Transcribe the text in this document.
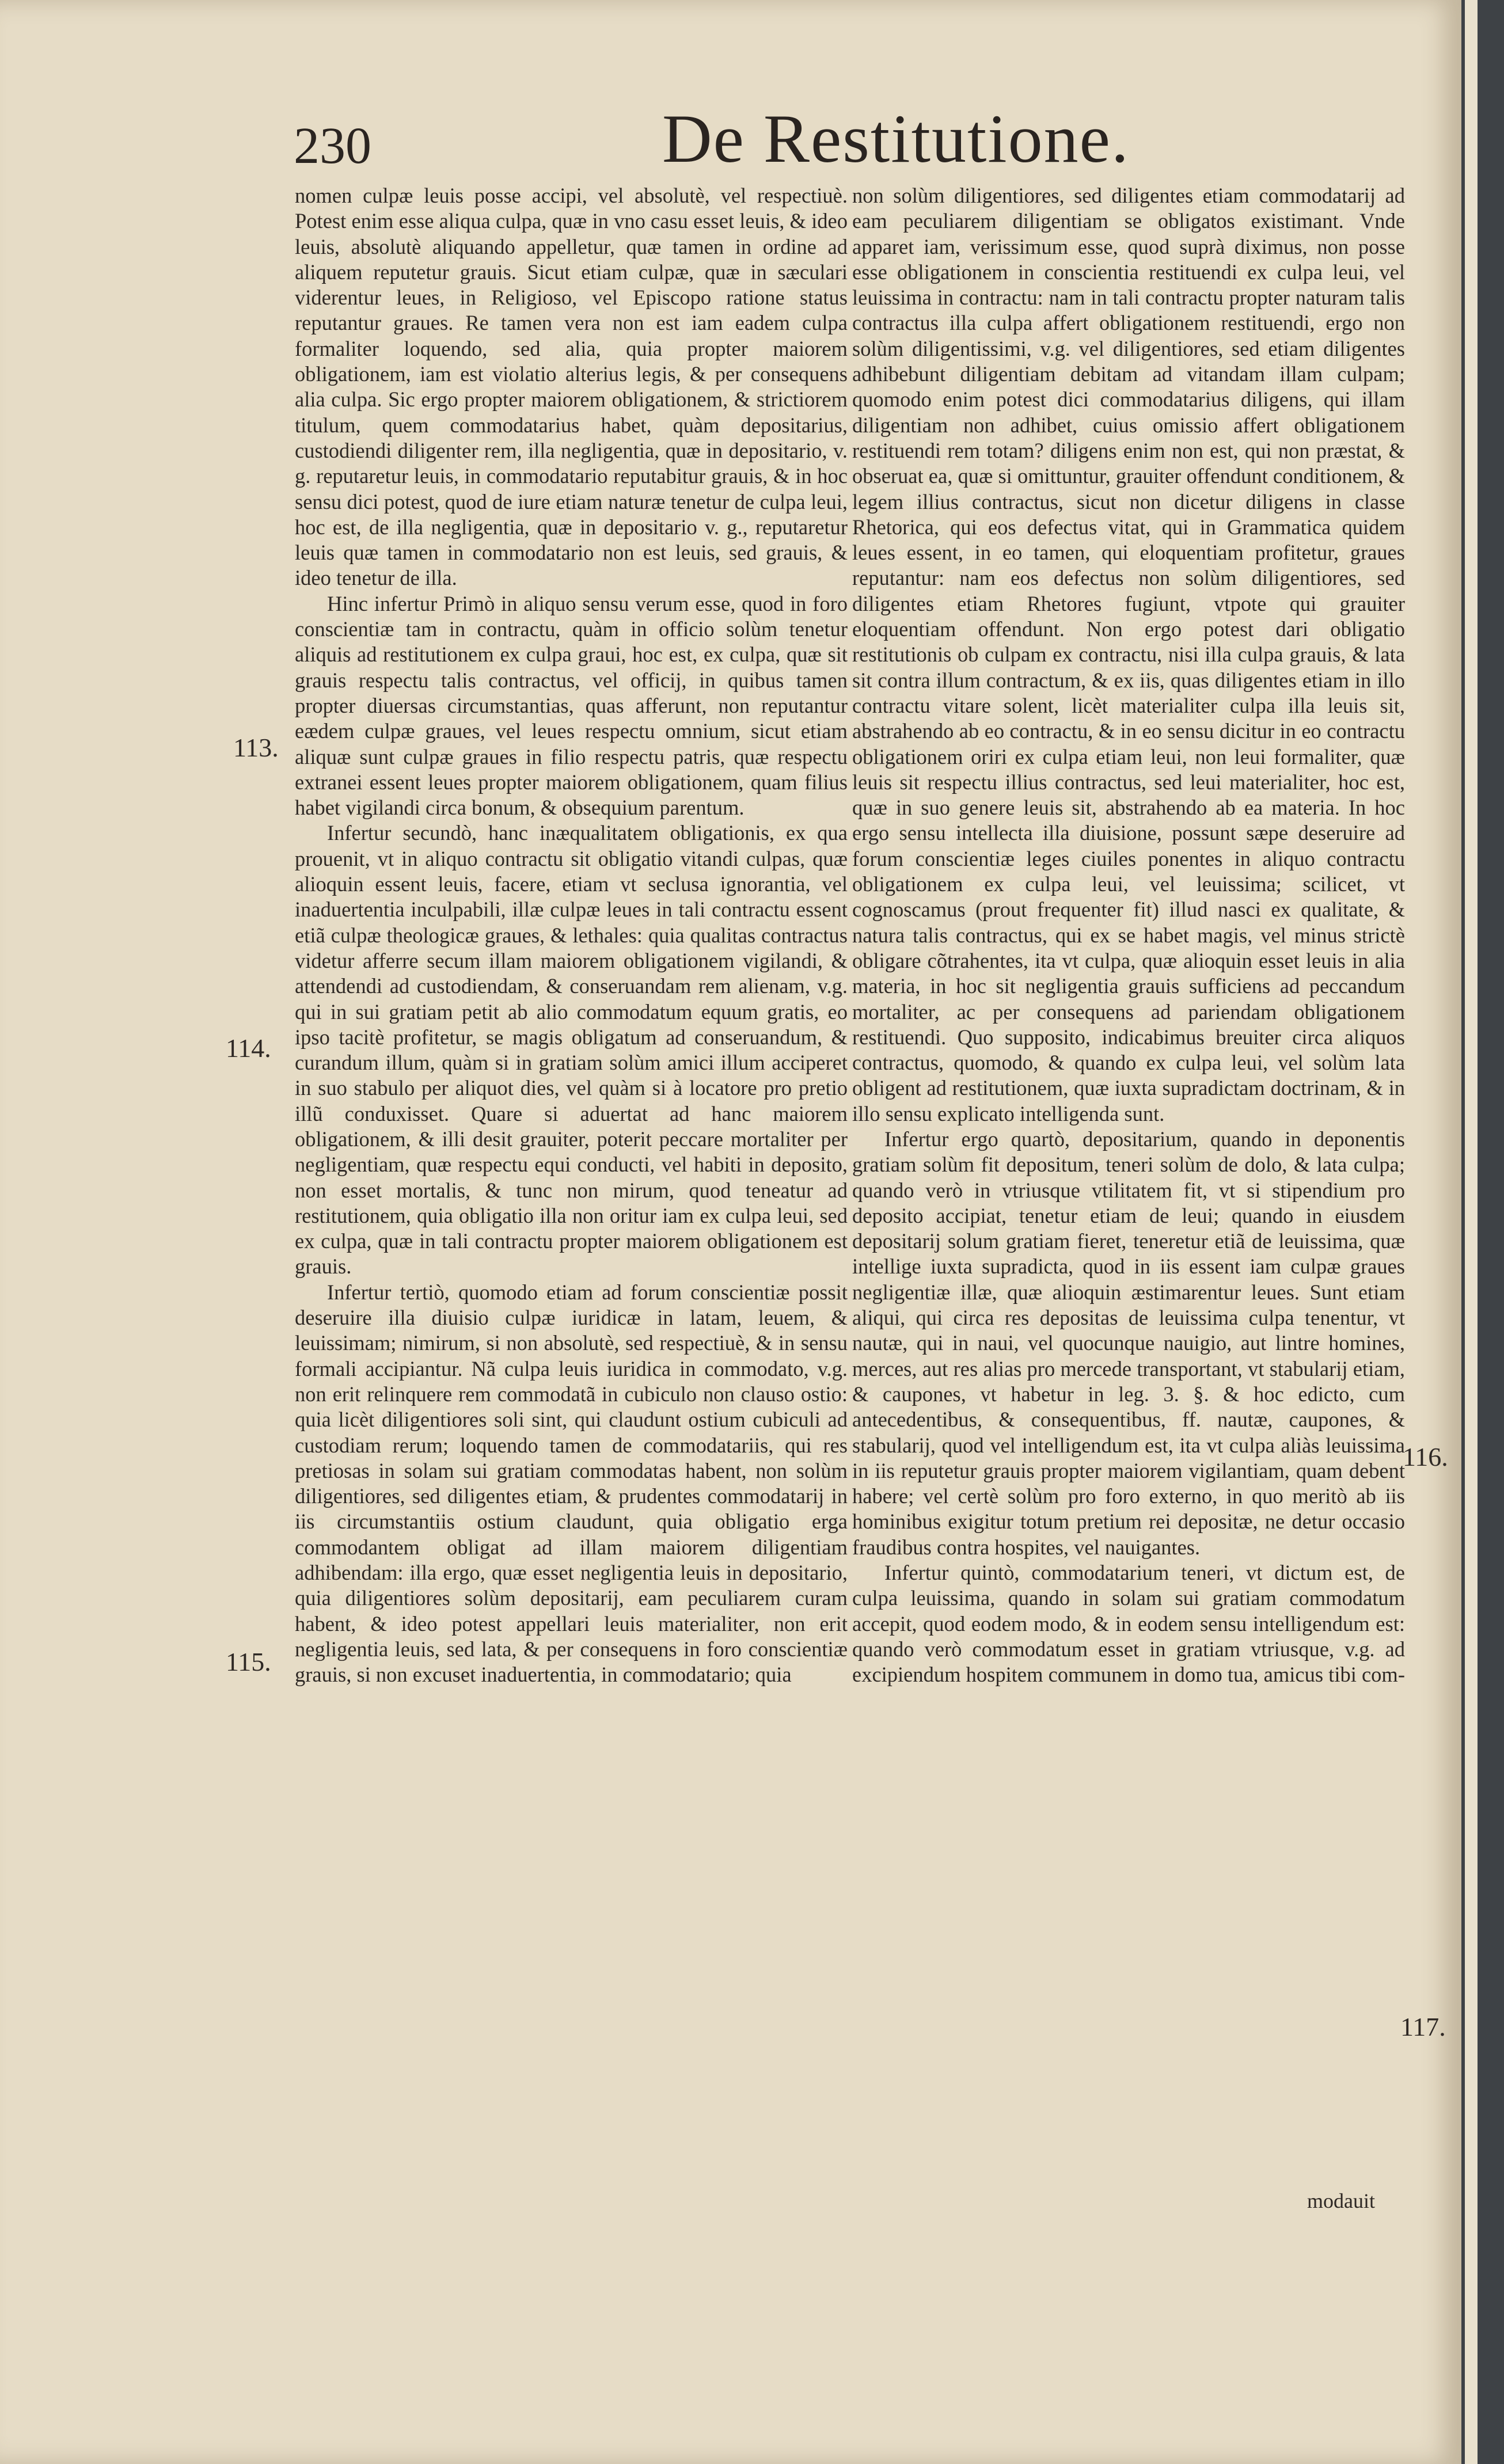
230	De Restitutione.

nomen culpæ leuis posse accipi, vel absolutè, vel respectiuè. Potest enim esse aliqua culpa, quæ in vno casu esset leuis, & ideo leuis, absolutè aliquando appelletur, quæ tamen in ordine ad aliquem reputetur grauis. Sicut etiam culpæ, quæ in sæculari viderentur leues, in Religioso, vel Episcopo ratione status reputantur graues. Re tamen vera non est iam eadem culpa formaliter loquendo, sed alia, quia propter maiorem obligationem, iam est violatio alterius legis, & per consequens alia culpa. Sic ergo propter maiorem obligationem, & strictiorem titulum, quem commodatarius habet, quàm depositarius, custodiendi diligenter rem, illa negligentia, quæ in depositario, v. g. reputaretur leuis, in commodatario reputabitur grauis, & in hoc sensu dici potest, quod de iure etiam naturæ tenetur de culpa leui, hoc est, de illa negligentia, quæ in depositario v. g., reputaretur leuis quæ tamen in commodatario non est leuis, sed grauis, & ideo tenetur de illa.

Hinc infertur Primò in aliquo sensu verum esse, quod in foro conscientiæ tam in contractu, quàm in officio solùm tenetur aliquis ad restitutionem ex culpa graui, hoc est, ex culpa, quæ sit grauis respectu talis contractus, vel officij, in quibus tamen propter diuersas circumstantias, quas afferunt, non reputantur eædem culpæ graues, vel leues respectu omnium, sicut etiam aliquæ sunt culpæ graues in filio respectu patris, quæ respectu extranei essent leues propter maiorem obligationem, quam filius habet vigilandi circa bonum, & obsequium parentum.

Infertur secundò, hanc inæqualitatem obligationis, ex qua prouenit, vt in aliquo contractu sit obligatio vitandi culpas, quæ alioquin essent leuis, facere, etiam vt seclusa ignorantia, vel inaduertentia inculpabili, illæ culpæ leues in tali contractu essent etiã culpæ theologicæ graues, & lethales: quia qualitas contractus videtur afferre secum illam maiorem obligationem vigilandi, & attendendi ad custodiendam, & conseruandam rem alienam, v.g. qui in sui gratiam petit ab alio commodatum equum gratis, eo ipso tacitè profitetur, se magis obligatum ad conseruandum, & curandum illum, quàm si in gratiam solùm amici illum acciperet in suo stabulo per aliquot dies, vel quàm si à locatore pro pretio illũ conduxisset. Quare si aduertat ad hanc maiorem obligationem, & illi desit grauiter, poterit peccare mortaliter per negligentiam, quæ respectu equi conducti, vel habiti in deposito, non esset mortalis, & tunc non mirum, quod teneatur ad restitutionem, quia obligatio illa non oritur iam ex culpa leui, sed ex culpa, quæ in tali contractu propter maiorem obligationem est grauis.

Infertur tertiò, quomodo etiam ad forum conscientiæ possit deseruire illa diuisio culpæ iuridicæ in latam, leuem, & leuissimam; nimirum, si non absolutè, sed respectiuè, & in sensu formali accipiantur. Nã culpa leuis iuridica in commodato, v.g. non erit relinquere rem commodatã in cubiculo non clauso ostio: quia licèt diligentiores soli sint, qui claudunt ostium cubiculi ad custodiam rerum; loquendo tamen de commodatariis, qui res pretiosas in solam sui gratiam commodatas habent, non solùm diligentiores, sed diligentes etiam, & prudentes commodatarij in iis circumstantiis ostium claudunt, quia obligatio erga commodantem obligat ad illam maiorem diligentiam adhibendam: illa ergo, quæ esset negligentia leuis in depositario, quia diligentiores solùm depositarij, eam peculiarem curam habent, & ideo potest appellari leuis materialiter, non erit negligentia leuis, sed lata, & per consequens in foro conscientiæ grauis, si non excuset inaduertentia, in commodatario; quia

non solùm diligentiores, sed diligentes etiam commodatarij ad eam peculiarem diligentiam se obligatos existimant. Vnde apparet iam, verissimum esse, quod suprà diximus, non posse esse obligationem in conscientia restituendi ex culpa leui, vel leuissima in contractu: nam in tali contractu propter naturam talis contractus illa culpa affert obligationem restituendi, ergo non solùm diligentissimi, v.g. vel diligentiores, sed etiam diligentes adhibebunt diligentiam debitam ad vitandam illam culpam; quomodo enim potest dici commodatarius diligens, qui illam diligentiam non adhibet, cuius omissio affert obligationem restituendi rem totam? diligens enim non est, qui non præstat, & obseruat ea, quæ si omittuntur, grauiter offendunt conditionem, & legem illius contractus, sicut non dicetur diligens in classe Rhetorica, qui eos defectus vitat, qui in Grammatica quidem leues essent, in eo tamen, qui eloquentiam profitetur, graues reputantur: nam eos defectus non solùm diligentiores, sed diligentes etiam Rhetores fugiunt, vtpote qui grauiter eloquentiam offendunt. Non ergo potest dari obligatio restitutionis ob culpam ex contractu, nisi illa culpa grauis, & lata sit contra illum contractum, & ex iis, quas diligentes etiam in illo contractu vitare solent, licèt materialiter culpa illa leuis sit, abstrahendo ab eo contractu, & in eo sensu dicitur in eo contractu obligationem oriri ex culpa etiam leui, non leui formaliter, quæ leuis sit respectu illius contractus, sed leui materialiter, hoc est, quæ in suo genere leuis sit, abstrahendo ab ea materia. In hoc ergo sensu intellecta illa diuisione, possunt sæpe deseruire ad forum conscientiæ leges ciuiles ponentes in aliquo contractu obligationem ex culpa leui, vel leuissima; scilicet, vt cognoscamus (prout frequenter fit) illud nasci ex qualitate, & natura talis contractus, qui ex se habet magis, vel minus strictè obligare cõtrahentes, ita vt culpa, quæ alioquin esset leuis in alia materia, in hoc sit negligentia grauis sufficiens ad peccandum mortaliter, ac per consequens ad pariendam obligationem restituendi. Quo supposito, indicabimus breuiter circa aliquos contractus, quomodo, & quando ex culpa leui, vel solùm lata obligent ad restitutionem, quæ iuxta supradictam doctrinam, & in illo sensu explicato intelligenda sunt.

Infertur ergo quartò, depositarium, quando in deponentis gratiam solùm fit depositum, teneri solùm de dolo, & lata culpa; quando verò in vtriusque vtilitatem fit, vt si stipendium pro deposito accipiat, tenetur etiam de leui; quando in eiusdem depositarij solum gratiam fieret, teneretur etiã de leuissima, quæ intellige iuxta supradicta, quod in iis essent iam culpæ graues negligentiæ illæ, quæ alioquin æstimarentur leues. Sunt etiam aliqui, qui circa res depositas de leuissima culpa tenentur, vt nautæ, qui in naui, vel quocunque nauigio, aut lintre homines, merces, aut res alias pro mercede transportant, vt stabularij etiam, & caupones, vt habetur in leg. 3. §. & hoc edicto, cum antecedentibus, & consequentibus, ff. nautæ, caupones, & stabularij, quod vel intelligendum est, ita vt culpa aliàs leuissima in iis reputetur grauis propter maiorem vigilantiam, quam debent habere; vel certè solùm pro foro externo, in quo meritò ab iis hominibus exigitur totum pretium rei depositæ, ne detur occasio fraudibus contra hospites, vel nauigantes.

Infertur quintò, commodatarium teneri, vt dictum est, de culpa leuissima, quando in solam sui gratiam commodatum accepit, quod eodem modo, & in eodem sensu intelligendum est: quando verò commodatum esset in gratiam vtriusque, v.g. ad excipiendum hospitem communem in domo tua, amicus tibi com-

113.
114.
115.
116.
117.
modauit
